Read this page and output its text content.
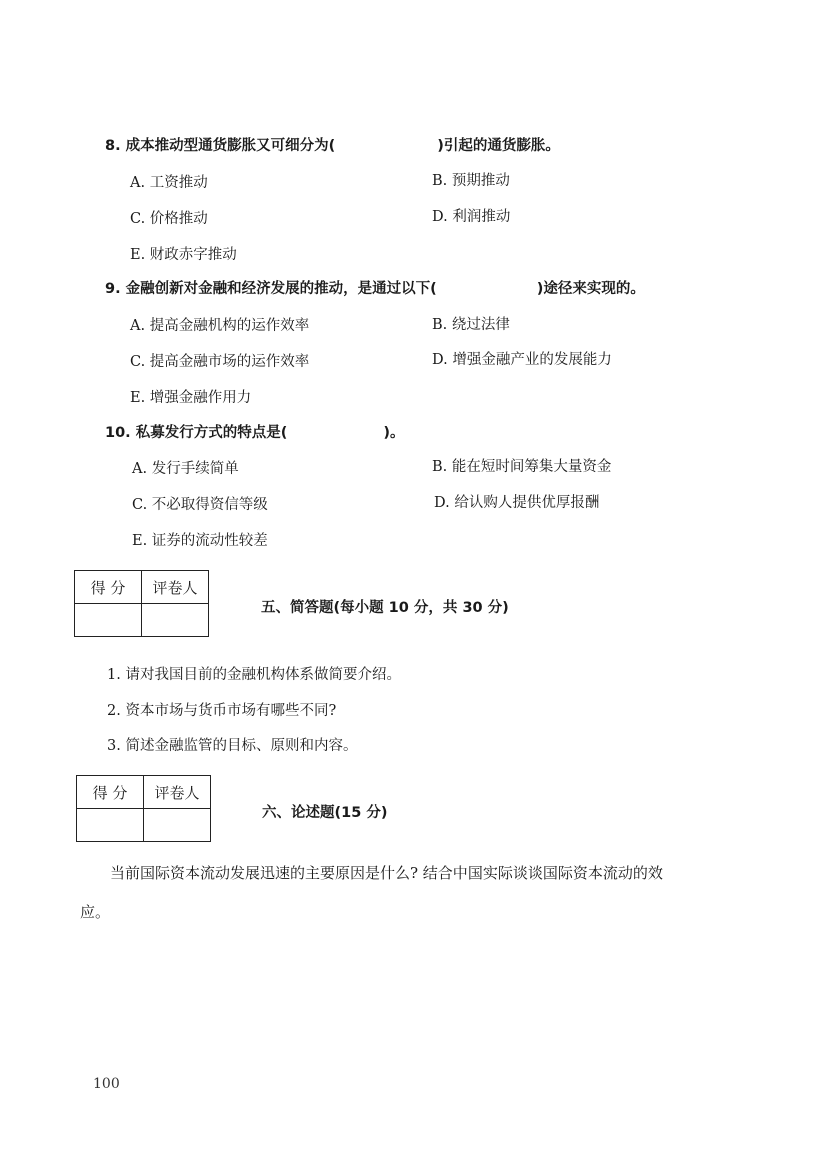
8. 成本推动型通货膨胀又可细分为(	)引起的通货膨胀。
A. 工资推动	B. 预期推动
C. 价格推动	D. 利润推动
E. 财政赤字推动
9. 金融创新对金融和经济发展的推动，是通过以下(	)途径来实现的。
A. 提高金融机构的运作效率	B. 绕过法律
C. 提高金融市场的运作效率	D. 增强金融产业的发展能力
E. 增强金融作用力
10. 私募发行方式的特点是(	)。
A. 发行手续简单	B. 能在短时间筹集大量资金
C. 不必取得资信等级	D. 给认购人提供优厚报酬
E. 证券的流动性较差
得 分	评卷人

五、简答题(每小题 10 分，共 30 分)
1. 请对我国目前的金融机构体系做简要介绍。
2. 资本市场与货币市场有哪些不同?
3. 简述金融监管的目标、原则和内容。
得 分	评卷人

六、论述题(15 分)
当前国际资本流动发展迅速的主要原因是什么? 结合中国实际谈谈国际资本流动的效
应。
100
